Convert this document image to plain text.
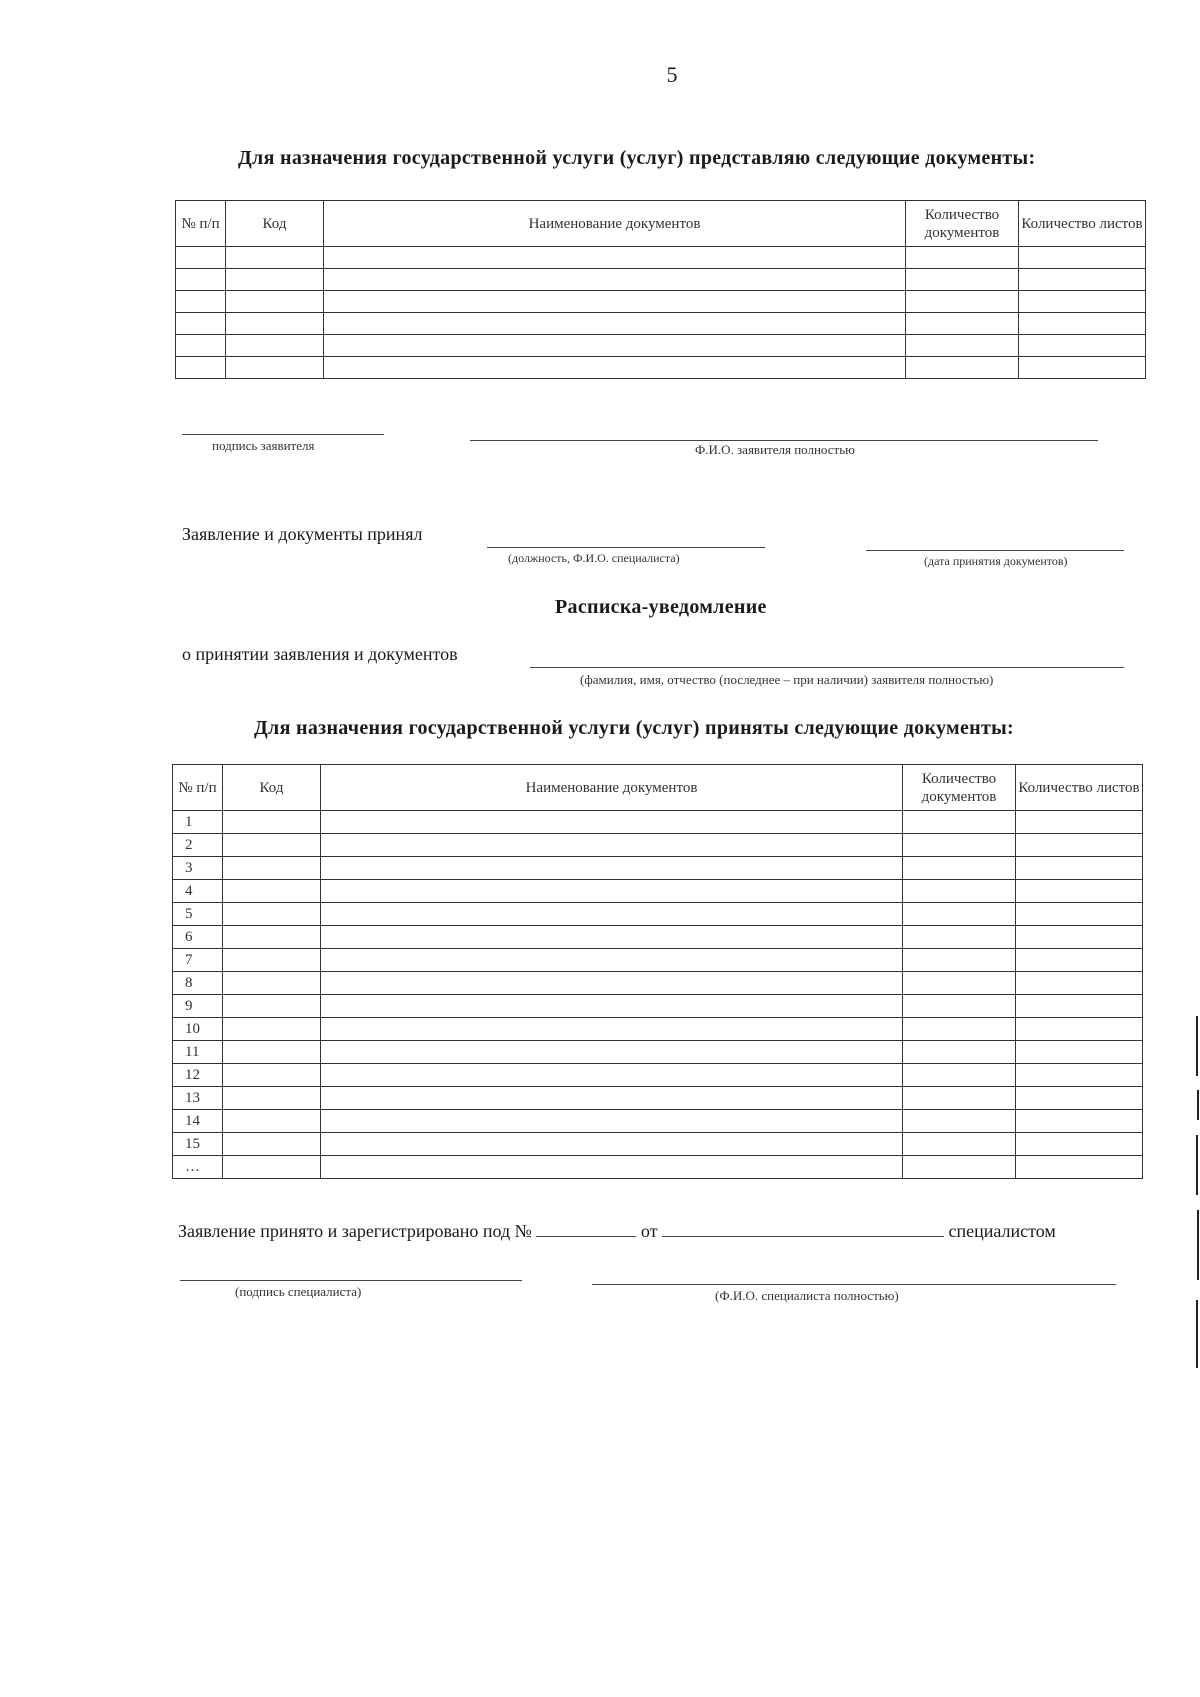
5
Для назначения государственной услуги (услуг) представляю следующие документы:
№ п/п	Код	Наименование документов	Количество документов	Количество листов

подпись заявителя	Ф.И.О. заявителя полностью
Заявление и документы принял
(должность, Ф.И.О. специалиста)	(дата принятия документов)
Расписка-уведомление
о принятии заявления и документов
(фамилия, имя, отчество (последнее – при наличии) заявителя полностью)
Для назначения государственной услуги (услуг) приняты следующие документы:
№ п/п	Код	Наименование документов	Количество документов	Количество листов
1				
2				
3				
4				
5				
6				
7				
8				
9				
10				
11				
12				
13				
14				
15				
…				
Заявление принято и зарегистрировано под №	от	специалистом
(подпись специалиста)	(Ф.И.О. специалиста полностью)
